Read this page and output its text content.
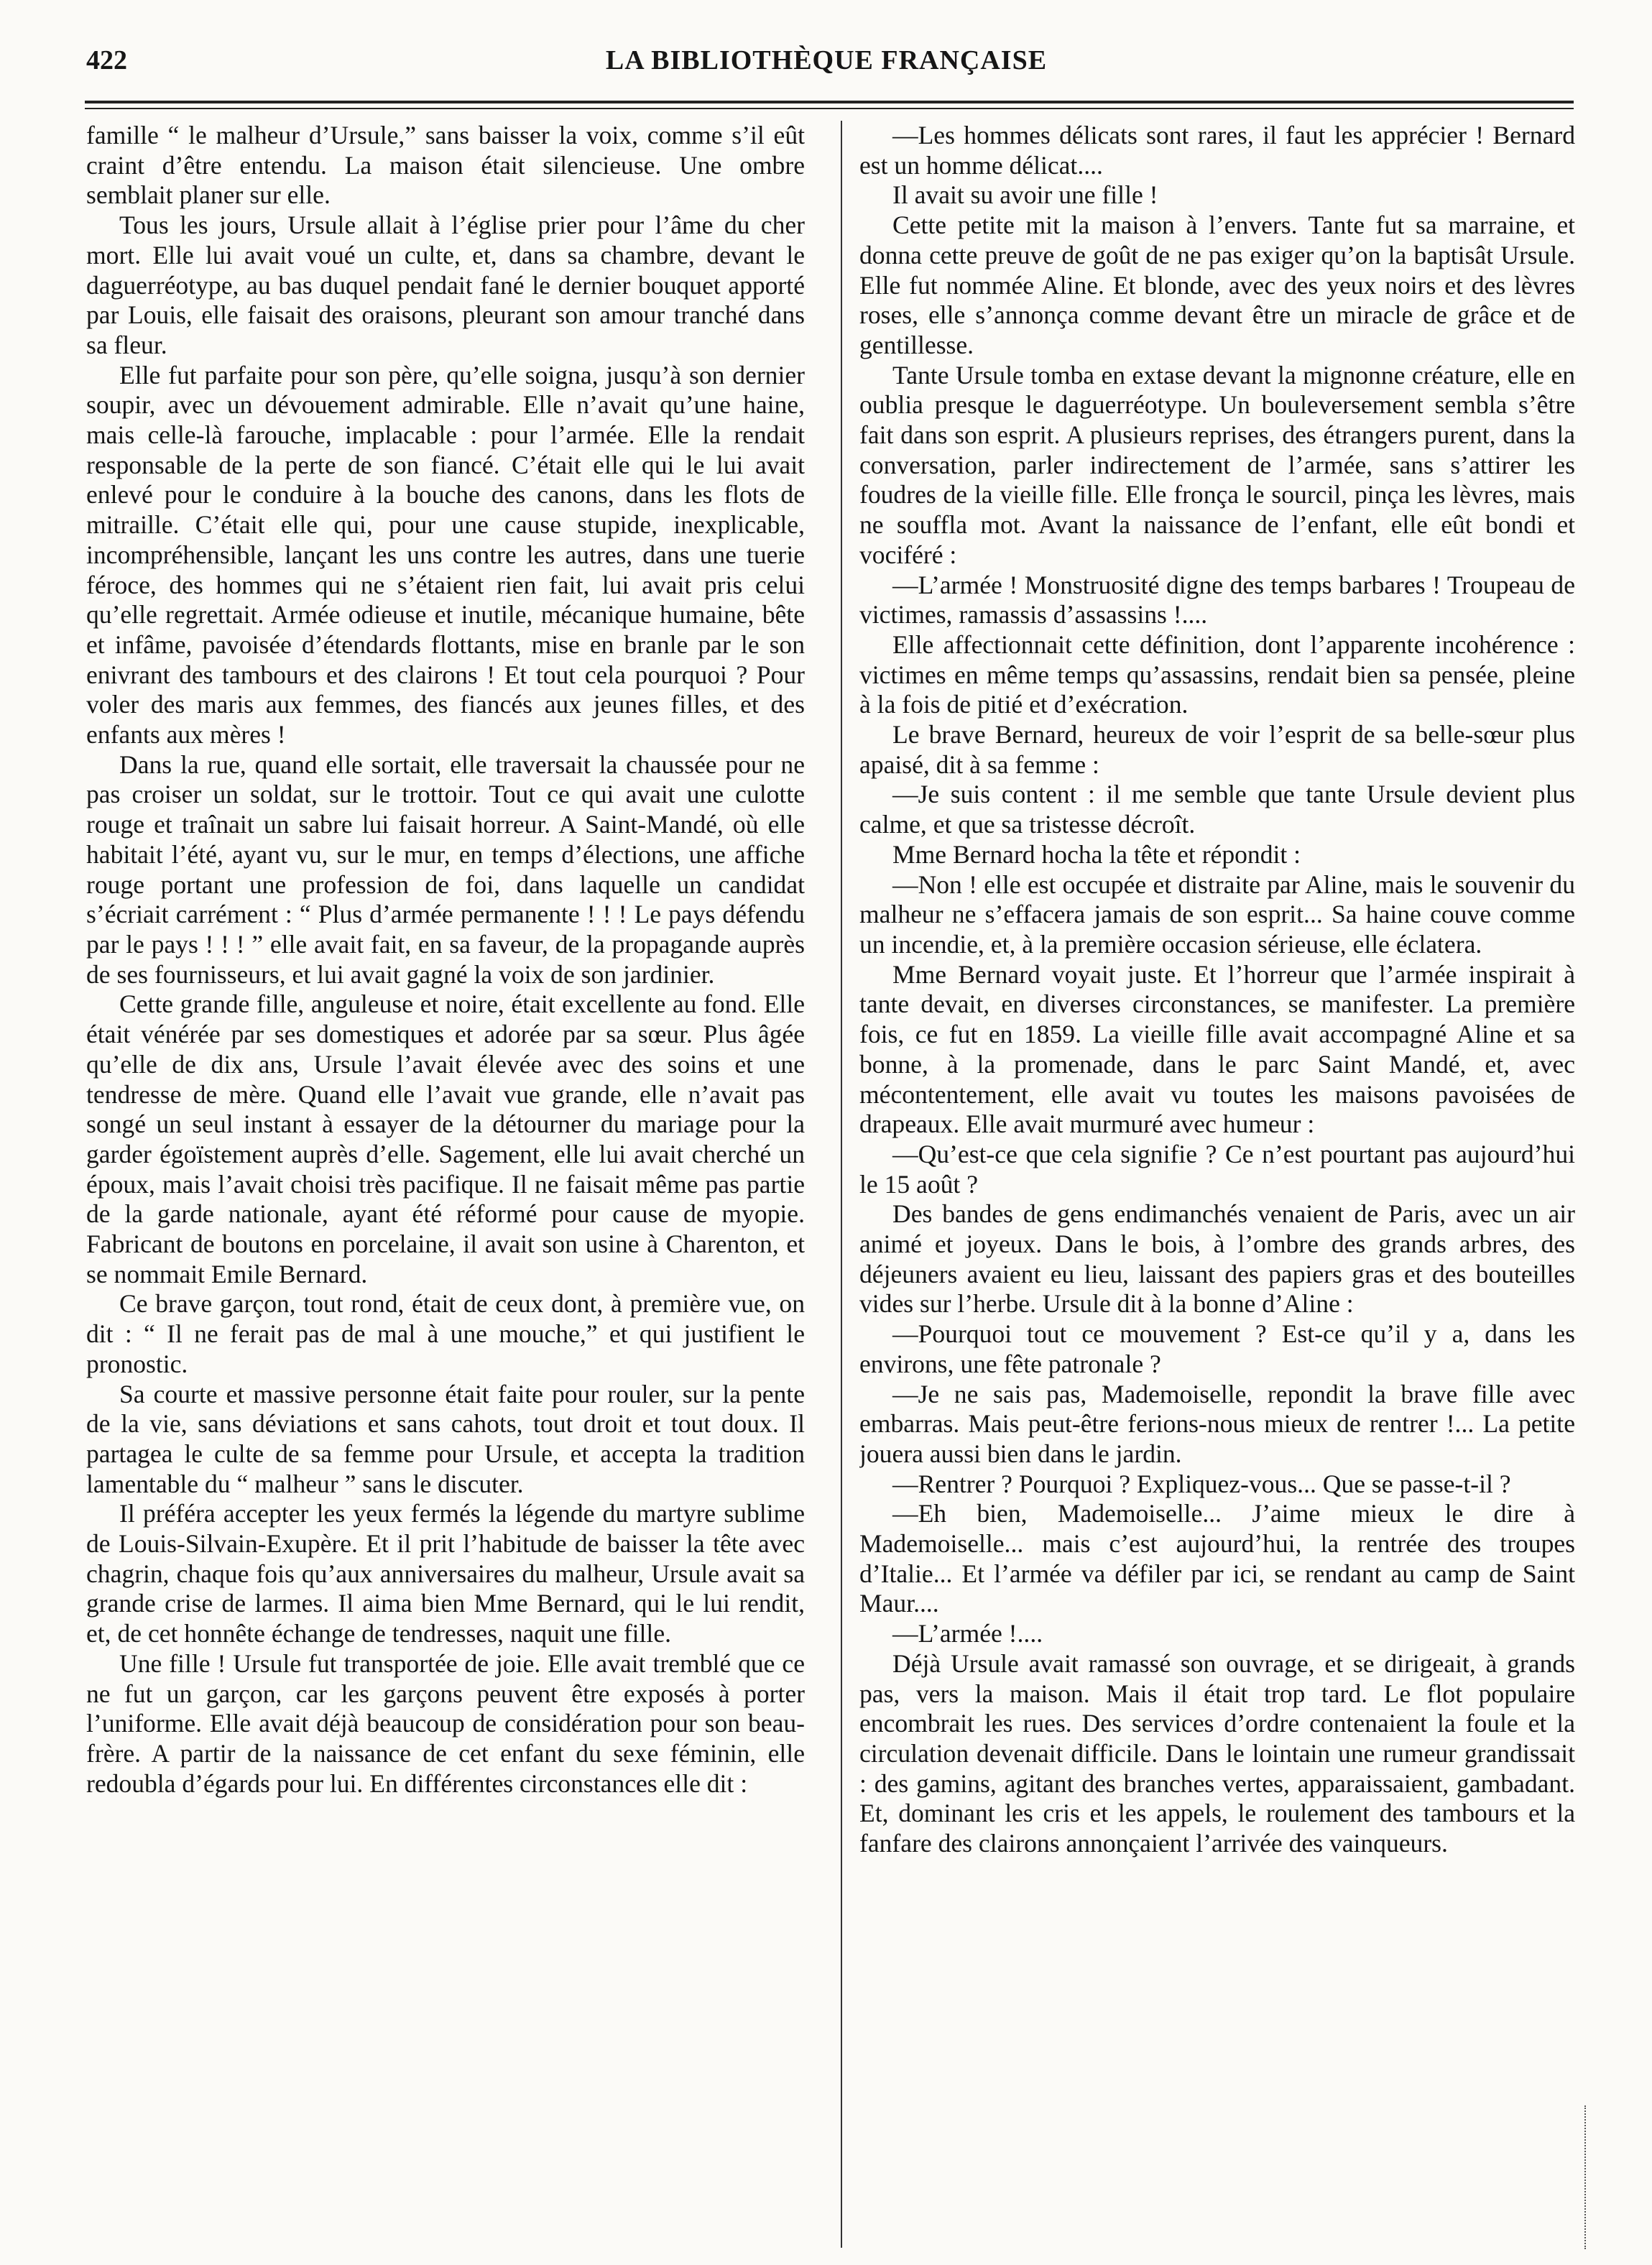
422	LA BIBLIOTHÈQUE FRANÇAISE

famille “ le malheur d’Ursule,” sans baisser la voix, comme s’il eût craint d’être entendu. La maison était silencieuse. Une ombre semblait planer sur elle.

Tous les jours, Ursule allait à l’église prier pour l’âme du cher mort. Elle lui avait voué un culte, et, dans sa chambre, devant le daguerréotype, au bas duquel pendait fané le dernier bouquet apporté par Louis, elle faisait des oraisons, pleurant son amour tranché dans sa fleur.

Elle fut parfaite pour son père, qu’elle soigna, jusqu’à son dernier soupir, avec un dévouement admirable. Elle n’avait qu’une haine, mais celle-là farouche, implacable : pour l’armée. Elle la rendait responsable de la perte de son fiancé. C’était elle qui le lui avait enlevé pour le conduire à la bouche des canons, dans les flots de mitraille. C’était elle qui, pour une cause stupide, inexplicable, incompréhensible, lançant les uns contre les autres, dans une tuerie féroce, des hommes qui ne s’étaient rien fait, lui avait pris celui qu’elle regrettait. Armée odieuse et inutile, mécanique humaine, bête et infâme, pavoisée d’étendards flottants, mise en branle par le son enivrant des tambours et des clairons ! Et tout cela pourquoi ? Pour voler des maris aux femmes, des fiancés aux jeunes filles, et des enfants aux mères !

Dans la rue, quand elle sortait, elle traversait la chaussée pour ne pas croiser un soldat, sur le trottoir. Tout ce qui avait une culotte rouge et traînait un sabre lui faisait horreur. A Saint-Mandé, où elle habitait l’été, ayant vu, sur le mur, en temps d’élections, une affiche rouge portant une profession de foi, dans laquelle un candidat s’écriait carrément : “ Plus d’armée permanente ! ! ! Le pays défendu par le pays ! ! ! ” elle avait fait, en sa faveur, de la propagande auprès de ses fournisseurs, et lui avait gagné la voix de son jardinier.

Cette grande fille, anguleuse et noire, était excellente au fond. Elle était vénérée par ses domestiques et adorée par sa sœur. Plus âgée qu’elle de dix ans, Ursule l’avait élevée avec des soins et une tendresse de mère. Quand elle l’avait vue grande, elle n’avait pas songé un seul instant à essayer de la détourner du mariage pour la garder égoïstement auprès d’elle. Sagement, elle lui avait cherché un époux, mais l’avait choisi très pacifique. Il ne faisait même pas partie de la garde nationale, ayant été réformé pour cause de myopie. Fabricant de boutons en porcelaine, il avait son usine à Charenton, et se nommait Emile Bernard.

Ce brave garçon, tout rond, était de ceux dont, à première vue, on dit : “ Il ne ferait pas de mal à une mouche,” et qui justifient le pronostic.

Sa courte et massive personne était faite pour rouler, sur la pente de la vie, sans déviations et sans cahots, tout droit et tout doux. Il partagea le culte de sa femme pour Ursule, et accepta la tradition lamentable du “ malheur ” sans le discuter.

Il préféra accepter les yeux fermés la légende du martyre sublime de Louis-Silvain-Exupère. Et il prit l’habitude de baisser la tête avec chagrin, chaque fois qu’aux anniversaires du malheur, Ursule avait sa grande crise de larmes. Il aima bien Mme Bernard, qui le lui rendit, et, de cet honnête échange de tendresses, naquit une fille.

Une fille ! Ursule fut transportée de joie. Elle avait tremblé que ce ne fut un garçon, car les garçons peuvent être exposés à porter l’uniforme. Elle avait déjà beaucoup de considération pour son beau-frère. A partir de la naissance de cet enfant du sexe féminin, elle redoubla d’égards pour lui. En différentes circonstances elle dit :

—Les hommes délicats sont rares, il faut les apprécier ! Bernard est un homme délicat....

Il avait su avoir une fille !

Cette petite mit la maison à l’envers. Tante fut sa marraine, et donna cette preuve de goût de ne pas exiger qu’on la baptisât Ursule. Elle fut nommée Aline. Et blonde, avec des yeux noirs et des lèvres roses, elle s’annonça comme devant être un miracle de grâce et de gentillesse.

Tante Ursule tomba en extase devant la mignonne créature, elle en oublia presque le daguerréotype. Un bouleversement sembla s’être fait dans son esprit. A plusieurs reprises, des étrangers purent, dans la conversation, parler indirectement de l’armée, sans s’attirer les foudres de la vieille fille. Elle fronça le sourcil, pinça les lèvres, mais ne souffla mot. Avant la naissance de l’enfant, elle eût bondi et vociféré :

—L’armée ! Monstruosité digne des temps barbares ! Troupeau de victimes, ramassis d’assassins !....

Elle affectionnait cette définition, dont l’apparente incohérence : victimes en même temps qu’assassins, rendait bien sa pensée, pleine à la fois de pitié et d’exécration.

Le brave Bernard, heureux de voir l’esprit de sa belle-sœur plus apaisé, dit à sa femme :

—Je suis content : il me semble que tante Ursule devient plus calme, et que sa tristesse décroît.

Mme Bernard hocha la tête et répondit :

—Non ! elle est occupée et distraite par Aline, mais le souvenir du malheur ne s’effacera jamais de son esprit... Sa haine couve comme un incendie, et, à la première occasion sérieuse, elle éclatera.

Mme Bernard voyait juste. Et l’horreur que l’armée inspirait à tante devait, en diverses circonstances, se manifester. La première fois, ce fut en 1859. La vieille fille avait accompagné Aline et sa bonne, à la promenade, dans le parc Saint Mandé, et, avec mécontentement, elle avait vu toutes les maisons pavoisées de drapeaux. Elle avait murmuré avec humeur :

—Qu’est-ce que cela signifie ? Ce n’est pourtant pas aujourd’hui le 15 août ?

Des bandes de gens endimanchés venaient de Paris, avec un air animé et joyeux. Dans le bois, à l’ombre des grands arbres, des déjeuners avaient eu lieu, laissant des papiers gras et des bouteilles vides sur l’herbe. Ursule dit à la bonne d’Aline :

—Pourquoi tout ce mouvement ? Est-ce qu’il y a, dans les environs, une fête patronale ?

—Je ne sais pas, Mademoiselle, repondit la brave fille avec embarras. Mais peut-être ferions-nous mieux de rentrer !... La petite jouera aussi bien dans le jardin.

—Rentrer ? Pourquoi ? Expliquez-vous... Que se passe-t-il ?

—Eh bien, Mademoiselle... J’aime mieux le dire à Mademoiselle... mais c’est aujourd’hui, la rentrée des troupes d’Italie... Et l’armée va défiler par ici, se rendant au camp de Saint Maur....

—L’armée !....

Déjà Ursule avait ramassé son ouvrage, et se dirigeait, à grands pas, vers la maison. Mais il était trop tard. Le flot populaire encombrait les rues. Des services d’ordre contenaient la foule et la circulation devenait difficile. Dans le lointain une rumeur grandissait : des gamins, agitant des branches vertes, apparaissaient, gambadant. Et, dominant les cris et les appels, le roulement des tambours et la fanfare des clairons annonçaient l’arrivée des vainqueurs.
